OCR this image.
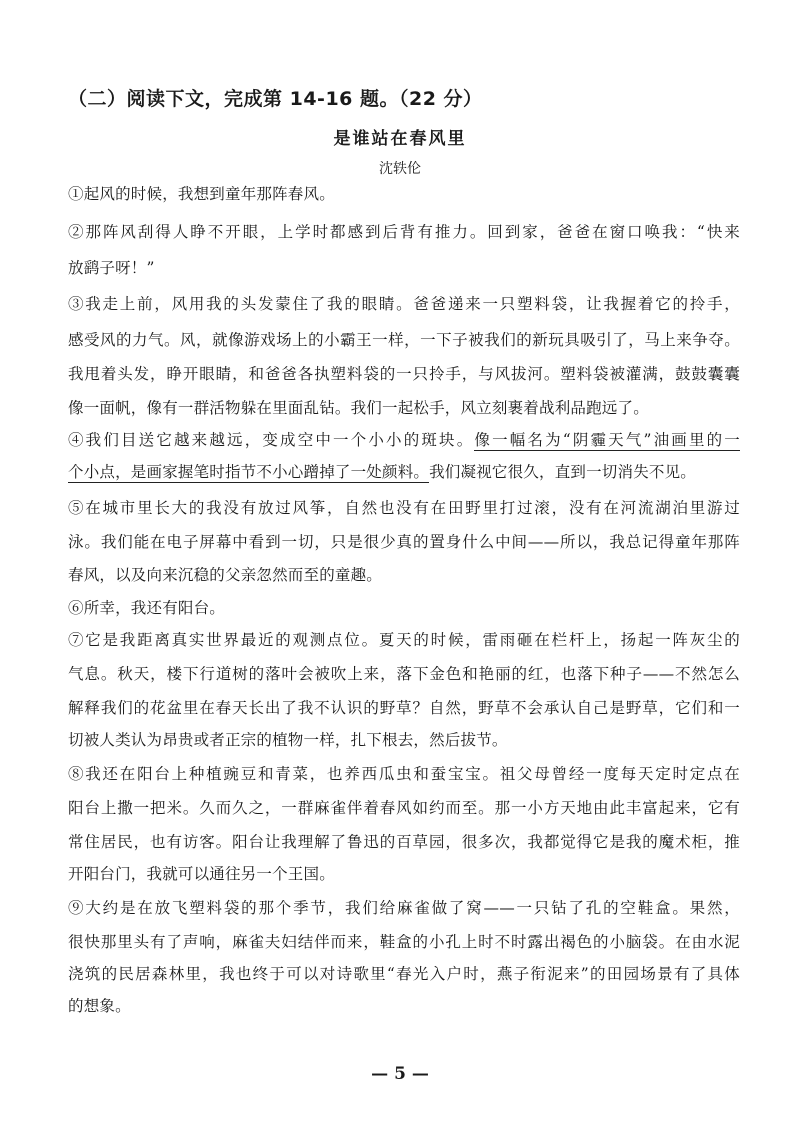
（二）阅读下文，完成第 14-16 题。（22 分）
是谁站在春风里
沈轶伦
①起风的时候，我想到童年那阵春风。
②那阵风刮得人睁不开眼，上学时都感到后背有推力。回到家，爸爸在窗口唤我：“快来
放鹞子呀！”
③我走上前，风用我的头发蒙住了我的眼睛。爸爸递来一只塑料袋，让我握着它的拎手，
感受风的力气。风，就像游戏场上的小霸王一样，一下子被我们的新玩具吸引了，马上来争夺。
我甩着头发，睁开眼睛，和爸爸各执塑料袋的一只拎手，与风拔河。塑料袋被灌满，鼓鼓囊囊
像一面帆，像有一群活物躲在里面乱钻。我们一起松手，风立刻裹着战利品跑远了。
④我们目送它越来越远，变成空中一个小小的斑块。像一幅名为“阴霾天气”油画里的一
个小点，是画家握笔时指节不小心蹭掉了一处颜料。我们凝视它很久，直到一切消失不见。
⑤在城市里长大的我没有放过风筝，自然也没有在田野里打过滚，没有在河流湖泊里游过
泳。我们能在电子屏幕中看到一切，只是很少真的置身什么中间——所以，我总记得童年那阵
春风，以及向来沉稳的父亲忽然而至的童趣。
⑥所幸，我还有阳台。
⑦它是我距离真实世界最近的观测点位。夏天的时候，雷雨砸在栏杆上，扬起一阵灰尘的
气息。秋天，楼下行道树的落叶会被吹上来，落下金色和艳丽的红，也落下种子——不然怎么
解释我们的花盆里在春天长出了我不认识的野草？自然，野草不会承认自己是野草，它们和一
切被人类认为昂贵或者正宗的植物一样，扎下根去，然后拔节。
⑧我还在阳台上种植豌豆和青菜，也养西瓜虫和蚕宝宝。祖父母曾经一度每天定时定点在
阳台上撒一把米。久而久之，一群麻雀伴着春风如约而至。那一小方天地由此丰富起来，它有
常住居民，也有访客。阳台让我理解了鲁迅的百草园，很多次，我都觉得它是我的魔术柜，推
开阳台门，我就可以通往另一个王国。
⑨大约是在放飞塑料袋的那个季节，我们给麻雀做了窝——一只钻了孔的空鞋盒。果然，
很快那里头有了声响，麻雀夫妇结伴而来，鞋盒的小孔上时不时露出褐色的小脑袋。在由水泥
浇筑的民居森林里，我也终于可以对诗歌里“春光入户时，燕子衔泥来”的田园场景有了具体
的想象。
— 5 —
